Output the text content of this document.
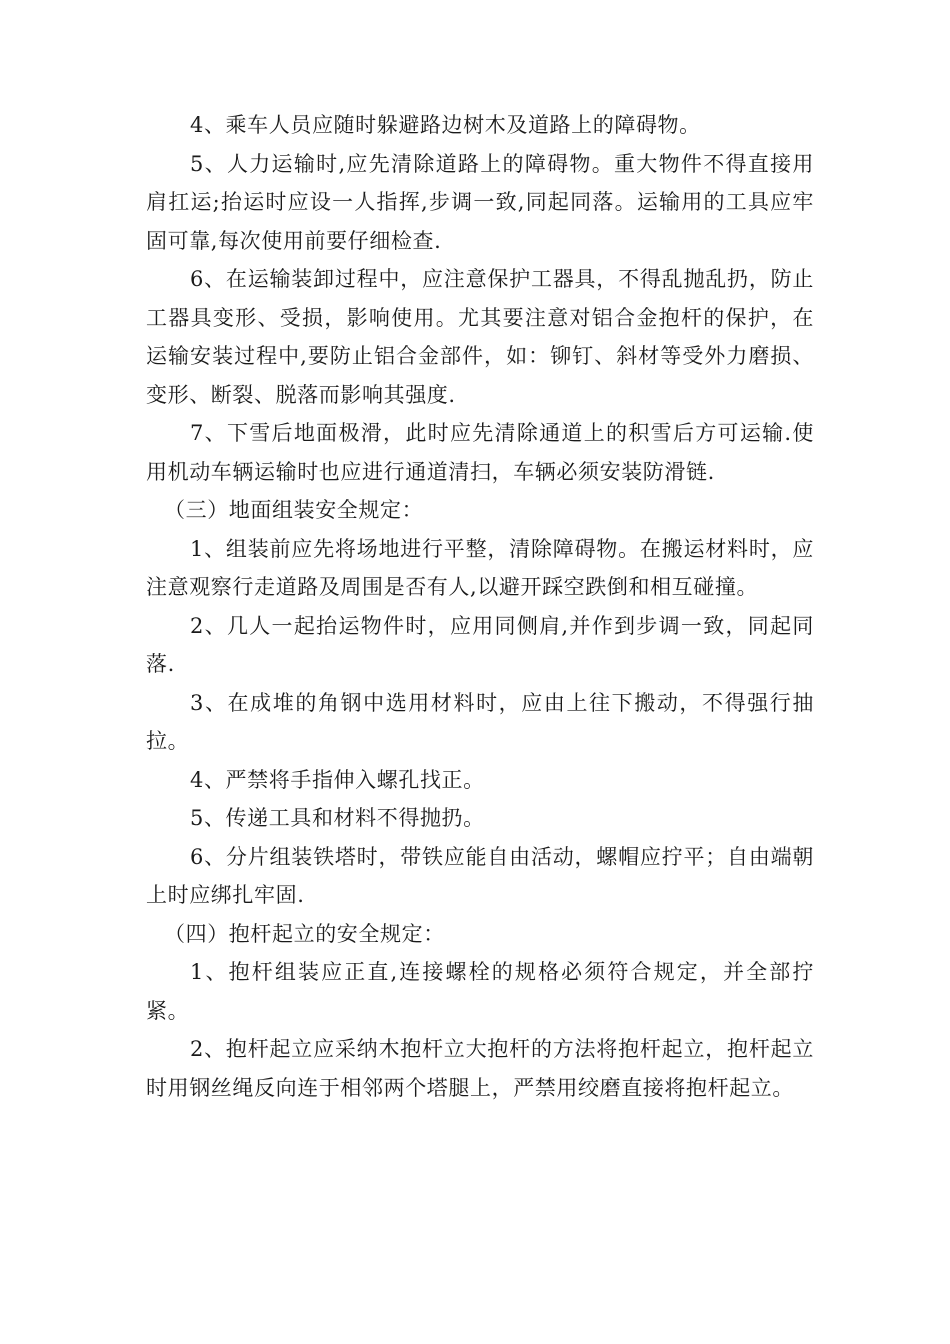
4、乘车人员应随时躲避路边树木及道路上的障碍物。

5、人力运输时,应先清除道路上的障碍物。重大物件不得直接用肩扛运;抬运时应设一人指挥,步调一致,同起同落。运输用的工具应牢固可靠,每次使用前要仔细检查.

6、在运输装卸过程中，应注意保护工器具，不得乱抛乱扔，防止工器具变形、受损，影响使用。尤其要注意对铝合金抱杆的保护，在运输安装过程中,要防止铝合金部件，如：铆钉、斜材等受外力磨损、变形、断裂、脱落而影响其强度.

7、下雪后地面极滑，此时应先清除通道上的积雪后方可运输.使用机动车辆运输时也应进行通道清扫，车辆必须安装防滑链.

（三）地面组装安全规定：

1、组装前应先将场地进行平整，清除障碍物。在搬运材料时，应注意观察行走道路及周围是否有人,以避开踩空跌倒和相互碰撞。

2、几人一起抬运物件时，应用同侧肩,并作到步调一致，同起同落.

3、在成堆的角钢中选用材料时，应由上往下搬动，不得强行抽拉。

4、严禁将手指伸入螺孔找正。

5、传递工具和材料不得抛扔。

6、分片组装铁塔时，带铁应能自由活动，螺帽应拧平；自由端朝上时应绑扎牢固.

（四）抱杆起立的安全规定：

1、抱杆组装应正直,连接螺栓的规格必须符合规定，并全部拧紧。

2、抱杆起立应采纳木抱杆立大抱杆的方法将抱杆起立，抱杆起立时用钢丝绳反向连于相邻两个塔腿上，严禁用绞磨直接将抱杆起立。
